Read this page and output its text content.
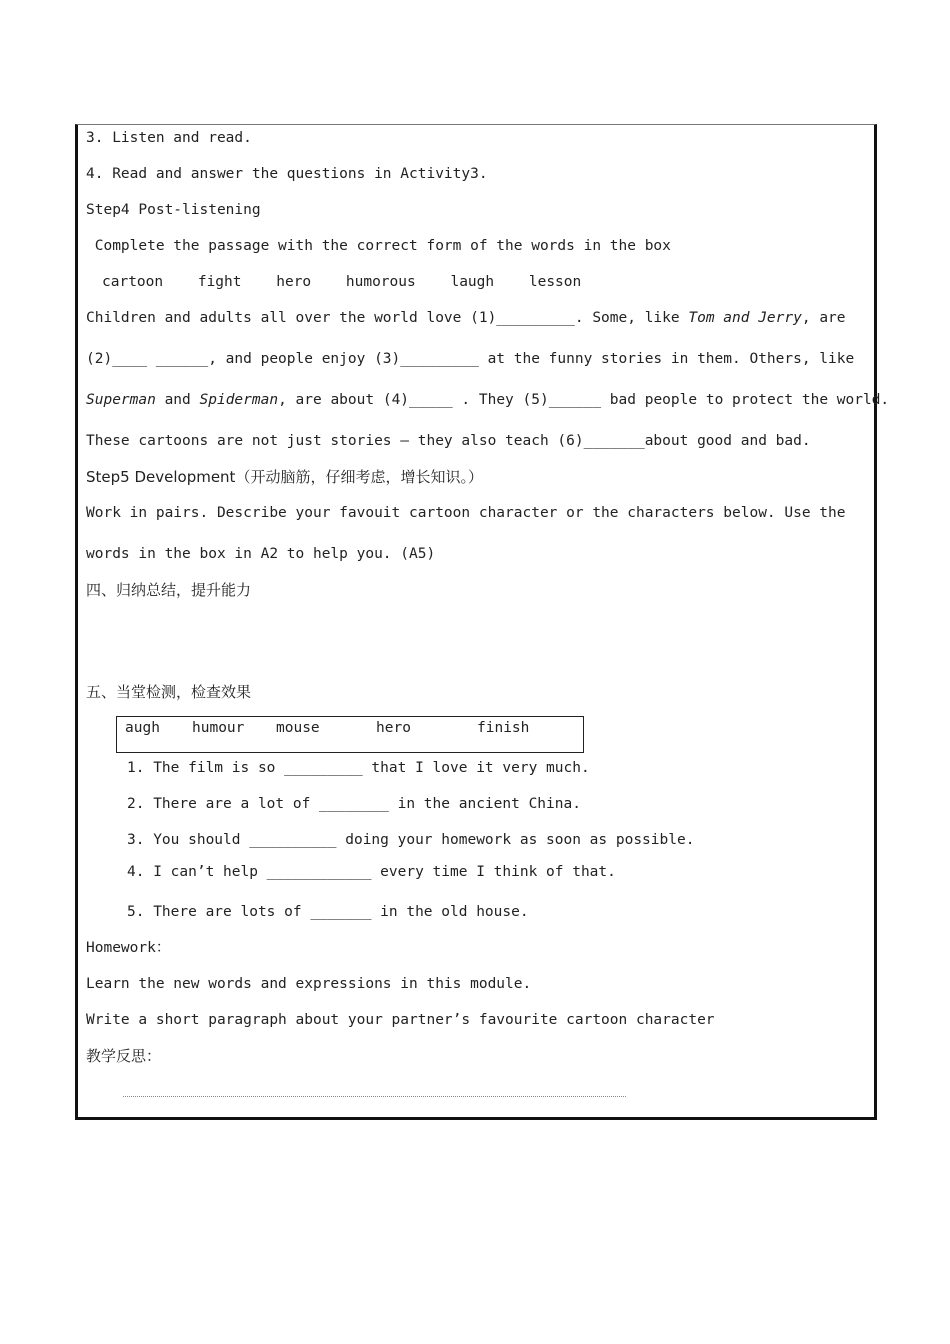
3. Listen and read.
4. Read and answer the questions in Activity3.
Step4 Post-listening
Complete the passage with the correct form of the words in the box
cartoon fight hero humorous laugh lesson
Children and adults all over the world love (1)_________. Some, like Tom and Jerry, are
(2)____ ______, and people enjoy (3)_________ at the funny stories in them. Others, like
Superman and Spiderman, are about (4)_____ . They (5)______ bad people to protect the world.
These cartoons are not just stories — they also teach (6)_______about good and bad.
Step5 Development（开动脑筋，仔细考虑，增长知识。）
Work in pairs. Describe your favouit cartoon character or the characters below. Use the
words in the box in A2 to help you. (A5)
四、归纳总结，提升能力
五、当堂检测，检查效果
augh humour mouse	hero	finish
1. The film is so _________ that I love it very much.
2. There are a lot of ________ in the ancient China.
3. You should __________ doing your homework as soon as possible.
4. I can’t help ____________ every time I think of that.
5. There are lots of _______ in the old house.
Homework：
Learn the new words and expressions in this module.
Write a short paragraph about your partner’s favourite cartoon character
教学反思：
